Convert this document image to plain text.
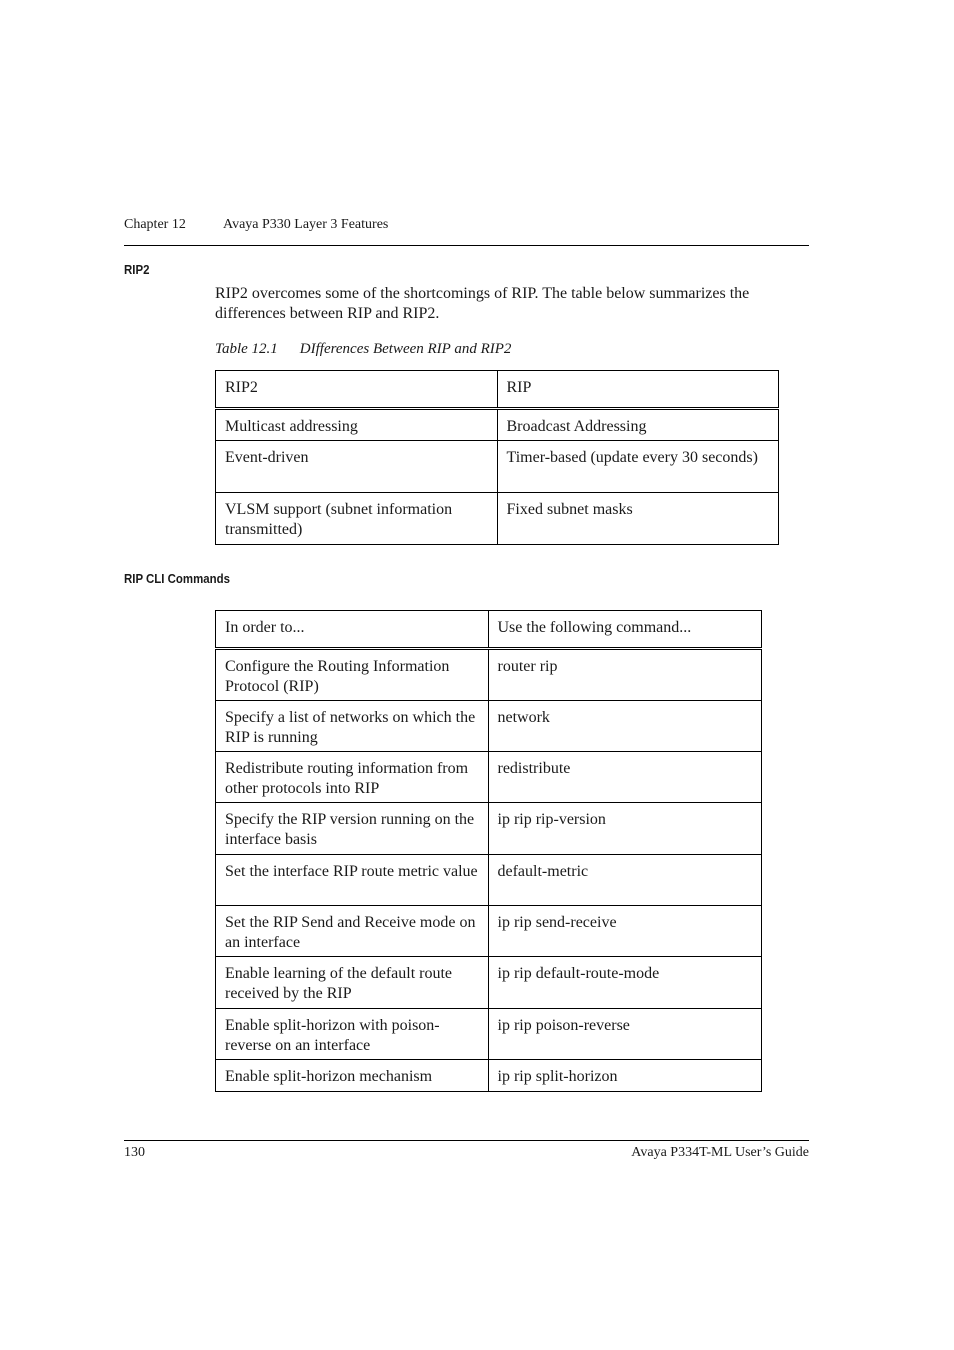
Chapter 12	Avaya P330 Layer 3 Features
RIP2

RIP2 overcomes some of the shortcomings of RIP. The table below summarizes the differences between RIP and RIP2.

Table 12.1 DIfferences Between RIP and RIP2
RIP2	RIP
Multicast addressing	Broadcast Addressing
Event-driven	Timer-based (update every 30 seconds)
VLSM support (subnet information transmitted)	Fixed subnet masks
RIP CLI Commands
In order to...	Use the following command...
Configure the Routing Information Protocol (RIP)	router rip
Specify a list of networks on which the RIP is running	network
Redistribute routing information from other protocols into RIP	redistribute
Specify the RIP version running on the interface basis	ip rip rip-version
Set the interface RIP route metric value	default-metric
Set the RIP Send and Receive mode on an interface	ip rip send-receive
Enable learning of the default route received by the RIP	ip rip default-route-mode
Enable split-horizon with poison-reverse on an interface	ip rip poison-reverse
Enable split-horizon mechanism	ip rip split-horizon
130	Avaya P334T-ML User’s Guide
